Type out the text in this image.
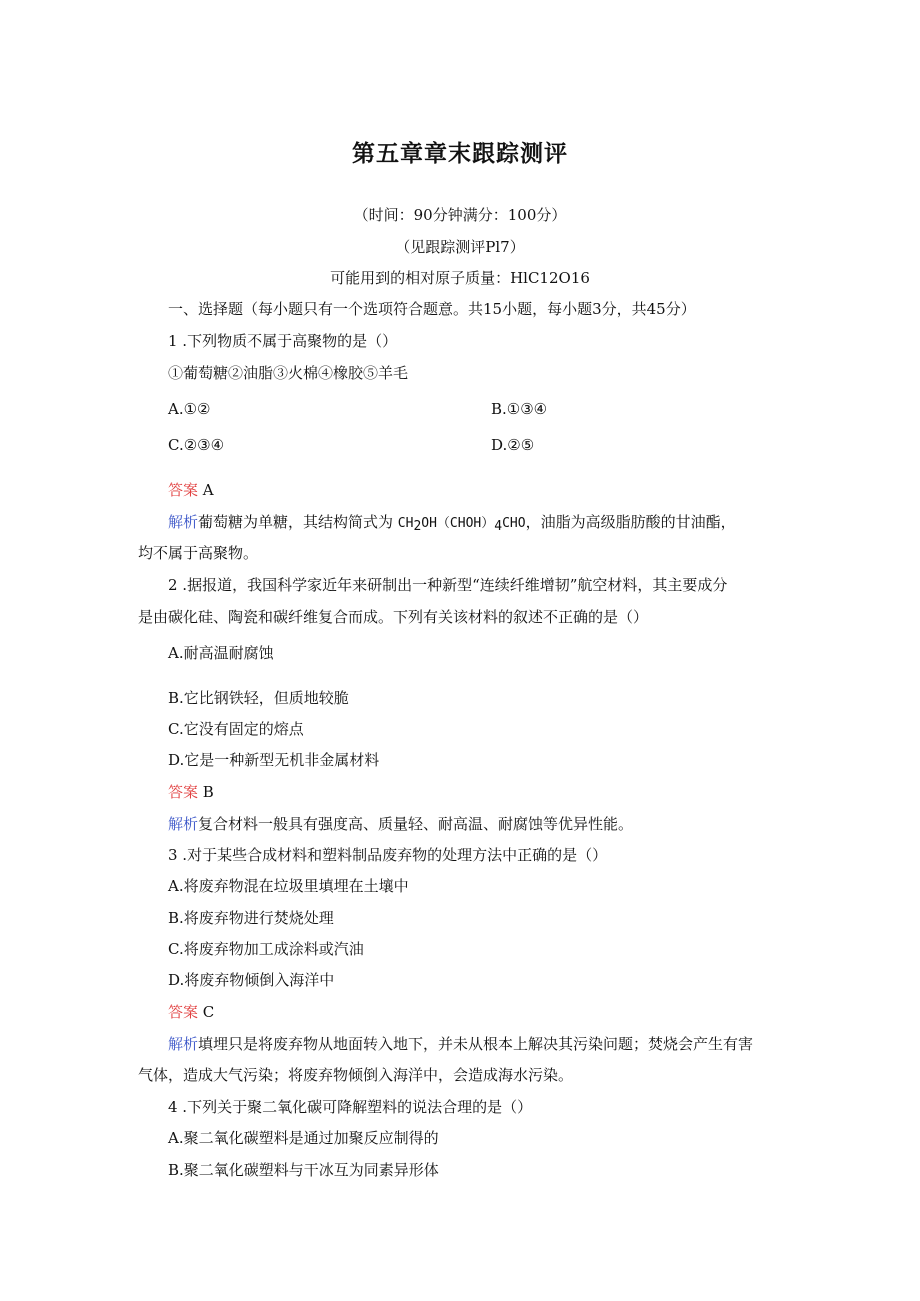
第五章章末跟踪测评
（时间：90分钟满分：100分）
（见跟踪测评Pl7）
可能用到的相对原子质量：HlC12O16
一、选择题（每小题只有一个选项符合题意。共15小题，每小题3分，共45分）
1 .下列物质不属于高聚物的是（）
①葡萄糖②油脂③火棉④橡胶⑤羊毛
A.①②	B.①③④
C.②③④	D.②⑤
答案 A
解析葡萄糖为单糖，其结构简式为 $CH_2OH(CHOH)_4CHO$，油脂为高级脂肪酸的甘油酯，
均不属于高聚物。
2 .据报道，我国科学家近年来研制出一种新型“连续纤维增韧”航空材料，其主要成分
是由碳化硅、陶瓷和碳纤维复合而成。下列有关该材料的叙述不正确的是（）
A.耐高温耐腐蚀
B.它比钢铁轻，但质地较脆
C.它没有固定的熔点
D.它是一种新型无机非金属材料
答案 B
解析复合材料一般具有强度高、质量轻、耐高温、耐腐蚀等优异性能。
3 .对于某些合成材料和塑料制品废弃物的处理方法中正确的是（）
A.将废弃物混在垃圾里填埋在土壤中
B.将废弃物进行焚烧处理
C.将废弃物加工成涂料或汽油
D.将废弃物倾倒入海洋中
答案 C
解析填埋只是将废弃物从地面转入地下，并未从根本上解决其污染问题；焚烧会产生有害
气体，造成大气污染；将废弃物倾倒入海洋中，会造成海水污染。
4 .下列关于聚二氧化碳可降解塑料的说法合理的是（）
A.聚二氧化碳塑料是通过加聚反应制得的
B.聚二氧化碳塑料与干冰互为同素异形体
